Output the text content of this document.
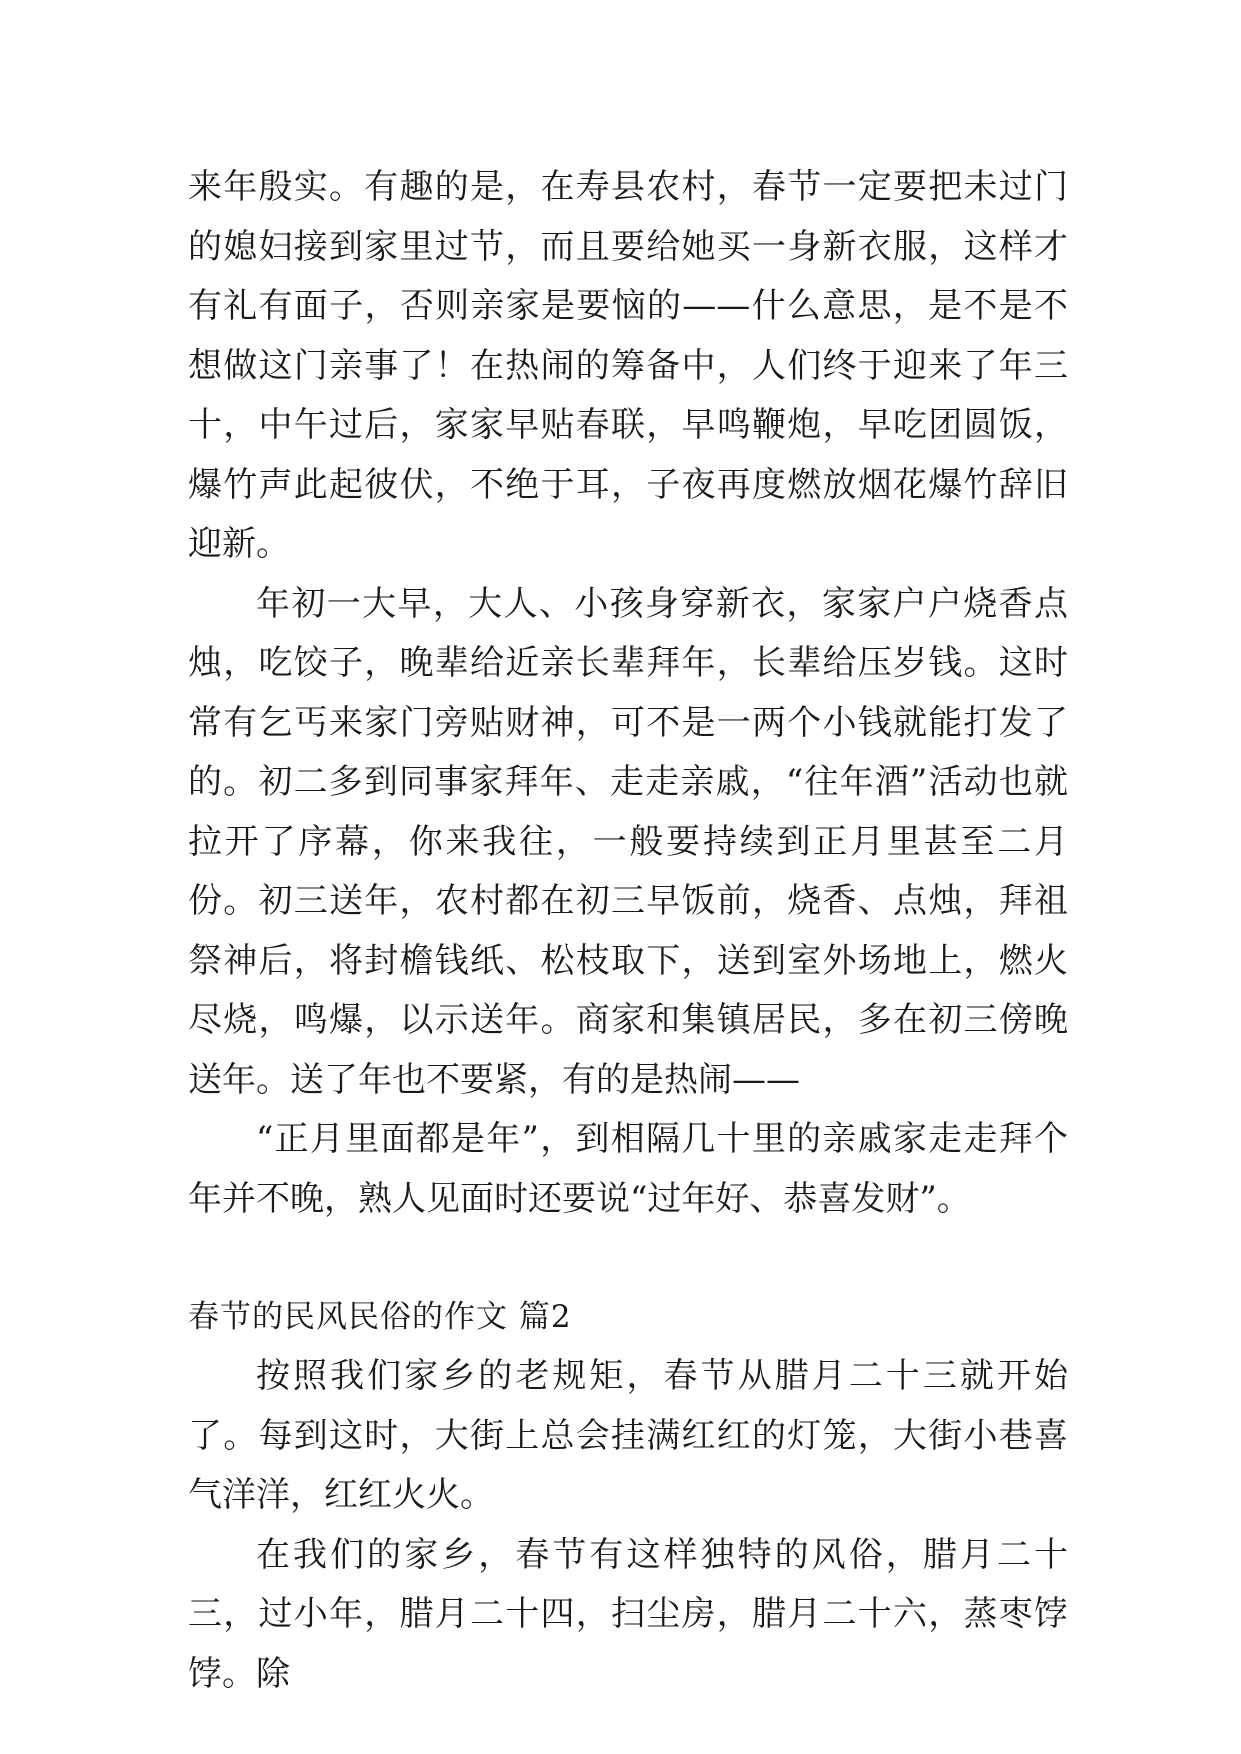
来年殷实。有趣的是，在寿县农村，春节一定要把未过门的媳妇接到家里过节，而且要给她买一身新衣服，这样才有礼有面子，否则亲家是要恼的——什么意思，是不是不想做这门亲事了！在热闹的筹备中，人们终于迎来了年三十，中午过后，家家早贴春联，早鸣鞭炮，早吃团圆饭，爆竹声此起彼伏，不绝于耳，子夜再度燃放烟花爆竹辞旧迎新。

年初一大早，大人、小孩身穿新衣，家家户户烧香点烛，吃饺子，晚辈给近亲长辈拜年，长辈给压岁钱。这时常有乞丐来家门旁贴财神，可不是一两个小钱就能打发了的。初二多到同事家拜年、走走亲戚，“往年酒”活动也就拉开了序幕，你来我往，一般要持续到正月里甚至二月份。初三送年，农村都在初三早饭前，烧香、点烛，拜祖祭神后，将封檐钱纸、松枝取下，送到室外场地上，燃火尽烧，鸣爆，以示送年。商家和集镇居民，多在初三傍晚送年。送了年也不要紧，有的是热闹——

“正月里面都是年”，到相隔几十里的亲戚家走走拜个年并不晚，熟人见面时还要说“过年好、恭喜发财”。

春节的民风民俗的作文 篇2

按照我们家乡的老规矩，春节从腊月二十三就开始了。每到这时，大街上总会挂满红红的灯笼，大街小巷喜气洋洋，红红火火。

在我们的家乡，春节有这样独特的风俗，腊月二十三，过小年，腊月二十四，扫尘房，腊月二十六，蒸枣饽饽。除
